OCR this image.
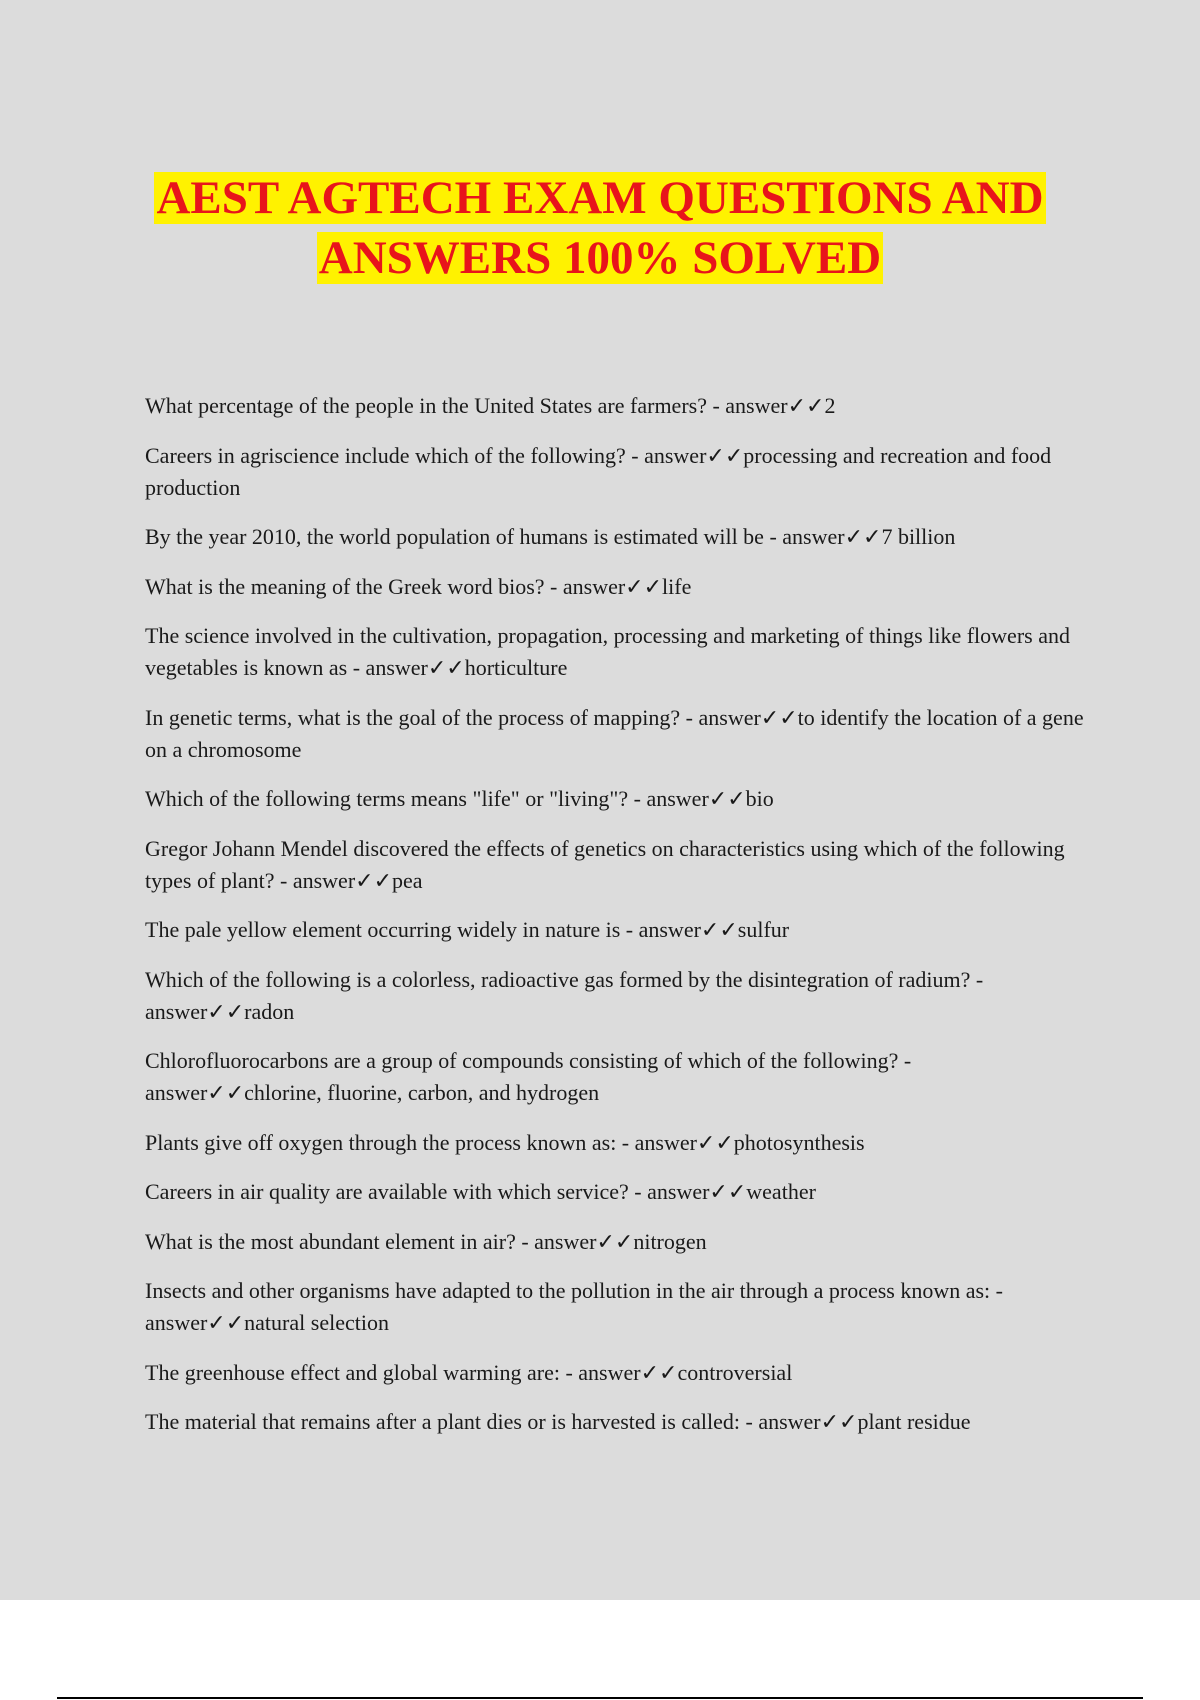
AEST AGTECH EXAM QUESTIONS AND
ANSWERS 100% SOLVED

What percentage of the people in the United States are farmers? - answer✓✓2

Careers in agriscience include which of the following? - answer✓✓processing and recreation and food production

By the year 2010, the world population of humans is estimated will be - answer✓✓7 billion

What is the meaning of the Greek word bios? - answer✓✓life

The science involved in the cultivation, propagation, processing and marketing of things like flowers and vegetables is known as - answer✓✓horticulture

In genetic terms, what is the goal of the process of mapping? - answer✓✓to identify the location of a gene on a chromosome

Which of the following terms means "life" or "living"? - answer✓✓bio

Gregor Johann Mendel discovered the effects of genetics on characteristics using which of the following types of plant? - answer✓✓pea

The pale yellow element occurring widely in nature is - answer✓✓sulfur

Which of the following is a colorless, radioactive gas formed by the disintegration of radium? - answer✓✓radon

Chlorofluorocarbons are a group of compounds consisting of which of the following? - answer✓✓chlorine, fluorine, carbon, and hydrogen

Plants give off oxygen through the process known as: - answer✓✓photosynthesis

Careers in air quality are available with which service? - answer✓✓weather

What is the most abundant element in air? - answer✓✓nitrogen

Insects and other organisms have adapted to the pollution in the air through a process known as: - answer✓✓natural selection

The greenhouse effect and global warming are: - answer✓✓controversial

The material that remains after a plant dies or is harvested is called: - answer✓✓plant residue
